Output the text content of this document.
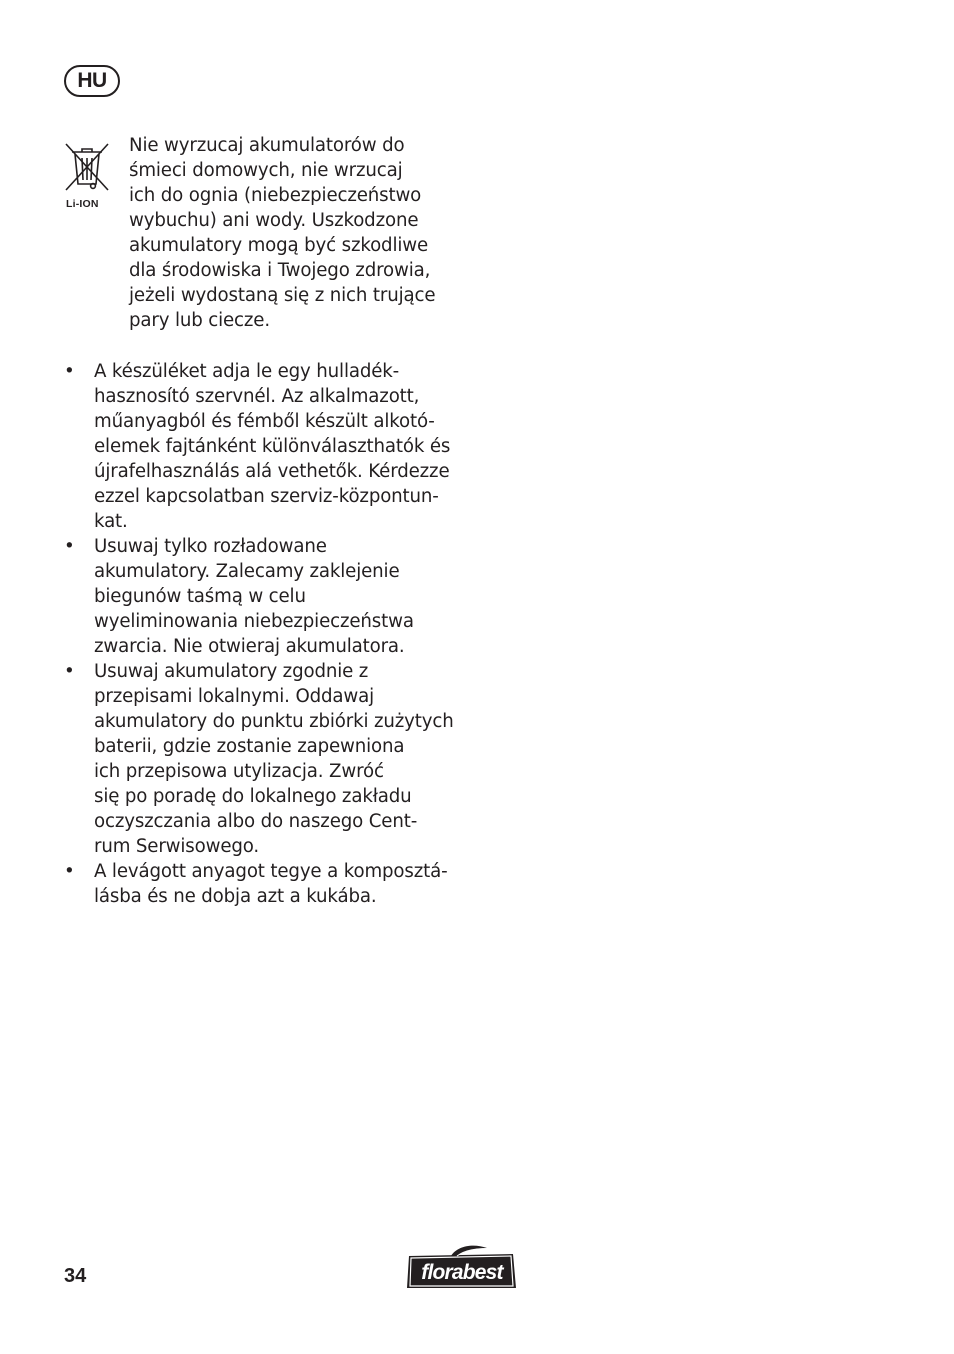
HU
Li-ION

Nie wyrzucaj akumulatorów do
śmieci domowych, nie wrzucaj
ich do ognia (niebezpieczeństwo
wybuchu) ani wody. Uszkodzone
akumulatory mogą być szkodliwe
dla środowiska i Twojego zdrowia,
jeżeli wydostaną się z nich trujące
pary lub ciecze.

• A készüléket adja le egy hulladék-
hasznosító szervnél. Az alkalmazott,
műanyagból és fémből készült alkotó-
elemek fajtánként különválaszthatók és
újrafelhasználás alá vethetők. Kérdezze
ezzel kapcsolatban szerviz-központun-
kat.

• Usuwaj tylko rozładowane
akumulatory. Zalecamy zaklejenie
biegunów taśmą w celu
wyeliminowania niebezpieczeństwa
zwarcia. Nie otwieraj akumulatora.

• Usuwaj akumulatory zgodnie z
przepisami lokalnymi. Oddawaj
akumulatory do punktu zbiórki zużytych
baterii, gdzie zostanie zapewniona
ich przepisowa utylizacja. Zwróć
się po poradę do lokalnego zakładu
oczyszczania albo do naszego Cent-
rum Serwisowego.

• A levágott anyagot tegye a komposztá-
lásba és ne dobja azt a kukába.

34	florabest
